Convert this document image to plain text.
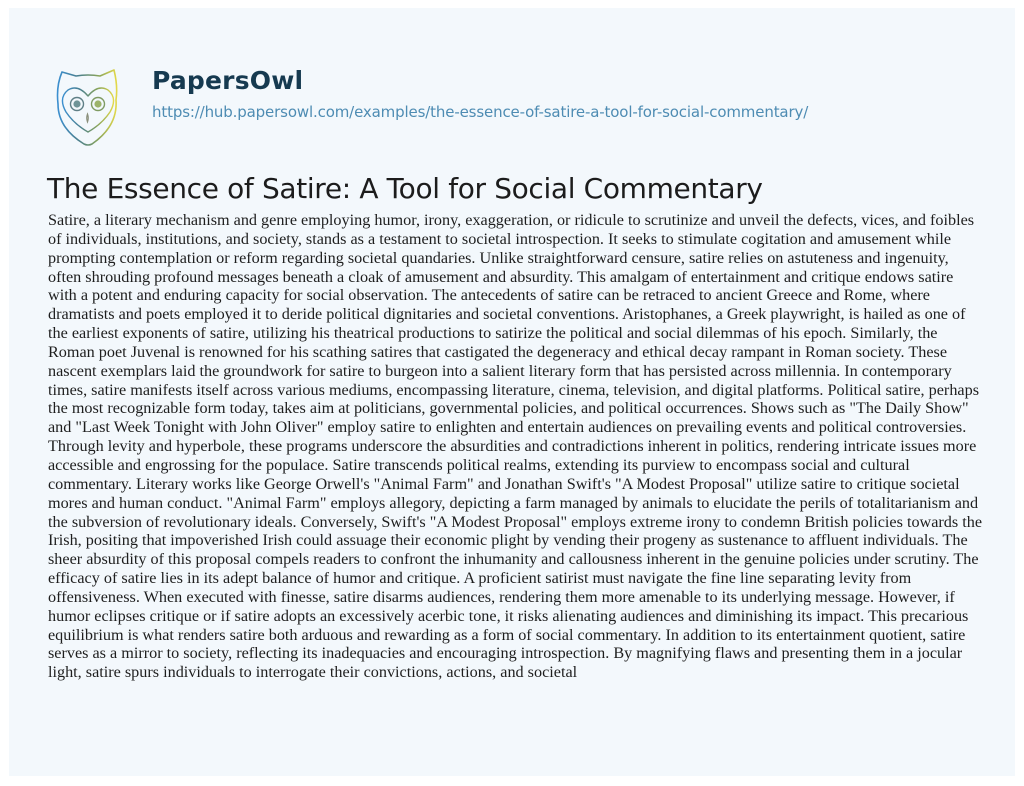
PapersOwl
https://hub.papersowl.com/examples/the-essence-of-satire-a-tool-for-social-commentary/
The Essence of Satire: A Tool for Social Commentary
Satire, a literary mechanism and genre employing humor, irony, exaggeration, or ridicule to scrutinize and unveil the defects, vices, and foibles
of individuals, institutions, and society, stands as a testament to societal introspection. It seeks to stimulate cogitation and amusement while
prompting contemplation or reform regarding societal quandaries. Unlike straightforward censure, satire relies on astuteness and ingenuity,
often shrouding profound messages beneath a cloak of amusement and absurdity. This amalgam of entertainment and critique endows satire
with a potent and enduring capacity for social observation. The antecedents of satire can be retraced to ancient Greece and Rome, where
dramatists and poets employed it to deride political dignitaries and societal conventions. Aristophanes, a Greek playwright, is hailed as one of
the earliest exponents of satire, utilizing his theatrical productions to satirize the political and social dilemmas of his epoch. Similarly, the
Roman poet Juvenal is renowned for his scathing satires that castigated the degeneracy and ethical decay rampant in Roman society. These
nascent exemplars laid the groundwork for satire to burgeon into a salient literary form that has persisted across millennia. In contemporary
times, satire manifests itself across various mediums, encompassing literature, cinema, television, and digital platforms. Political satire, perhaps
the most recognizable form today, takes aim at politicians, governmental policies, and political occurrences. Shows such as "The Daily Show"
and "Last Week Tonight with John Oliver" employ satire to enlighten and entertain audiences on prevailing events and political controversies.
Through levity and hyperbole, these programs underscore the absurdities and contradictions inherent in politics, rendering intricate issues more
accessible and engrossing for the populace. Satire transcends political realms, extending its purview to encompass social and cultural
commentary. Literary works like George Orwell's "Animal Farm" and Jonathan Swift's "A Modest Proposal" utilize satire to critique societal
mores and human conduct. "Animal Farm" employs allegory, depicting a farm managed by animals to elucidate the perils of totalitarianism and
the subversion of revolutionary ideals. Conversely, Swift's "A Modest Proposal" employs extreme irony to condemn British policies towards the
Irish, positing that impoverished Irish could assuage their economic plight by vending their progeny as sustenance to affluent individuals. The
sheer absurdity of this proposal compels readers to confront the inhumanity and callousness inherent in the genuine policies under scrutiny. The
efficacy of satire lies in its adept balance of humor and critique. A proficient satirist must navigate the fine line separating levity from
offensiveness. When executed with finesse, satire disarms audiences, rendering them more amenable to its underlying message. However, if
humor eclipses critique or if satire adopts an excessively acerbic tone, it risks alienating audiences and diminishing its impact. This precarious
equilibrium is what renders satire both arduous and rewarding as a form of social commentary. In addition to its entertainment quotient, satire
serves as a mirror to society, reflecting its inadequacies and encouraging introspection. By magnifying flaws and presenting them in a jocular
light, satire spurs individuals to interrogate their convictions, actions, and societal
